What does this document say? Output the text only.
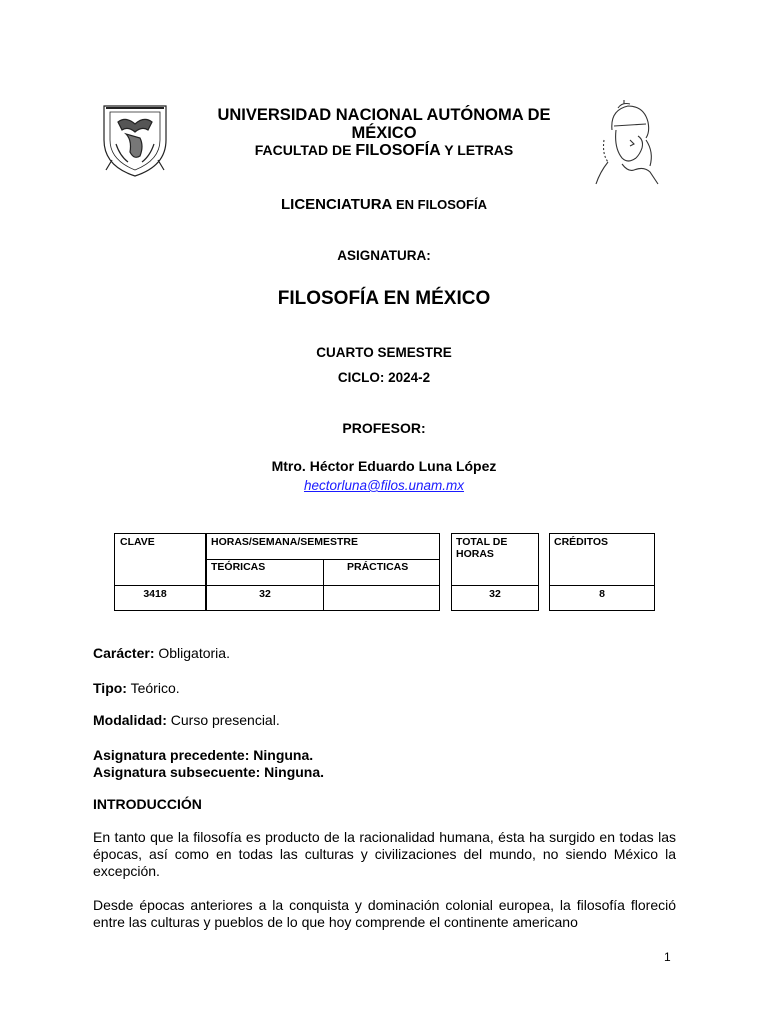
UNIVERSIDAD NACIONAL AUTÓNOMA DE
MÉXICO
FACULTAD DE FILOSOFÍA Y LETRAS
LICENCIATURA EN FILOSOFÍA
ASIGNATURA:
FILOSOFÍA EN MÉXICO
CUARTO SEMESTRE
CICLO: 2024-2
PROFESOR:
Mtro. Héctor Eduardo Luna López
hectorluna@filos.unam.mx
CLAVE
3418
HORAS/SEMANA/SEMESTRE
TEÓRICAS	PRÁCTICAS
32
TOTAL DE
HORAS
32
CRÉDITOS
8
Carácter: Obligatoria.
Tipo: Teórico.
Modalidad: Curso presencial.
Asignatura precedente: Ninguna.
Asignatura subsecuente: Ninguna.
INTRODUCCIÓN
En tanto que la filosofía es producto de la racionalidad humana, ésta ha surgido en todas las épocas, así como en todas las culturas y civilizaciones del mundo, no siendo México la excepción.
Desde épocas anteriores a la conquista y dominación colonial europea, la filosofía floreció entre las culturas y pueblos de lo que hoy comprende el continente americano
1
